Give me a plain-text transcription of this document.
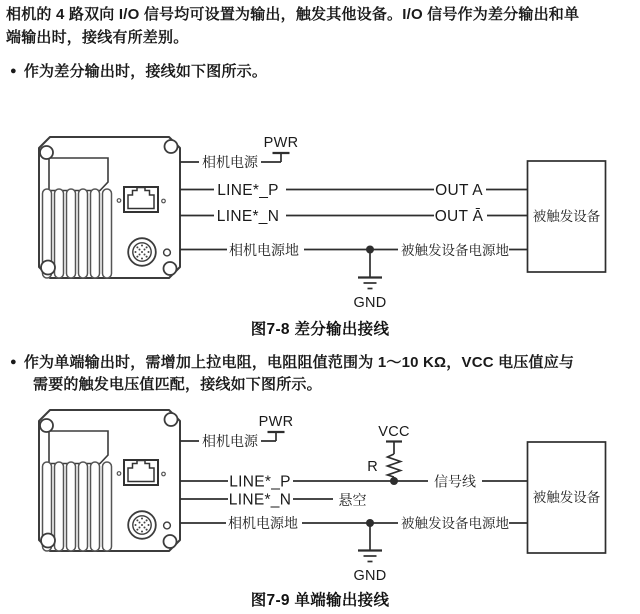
相机的 4 路双向 I/O 信号均可设置为输出，触发其他设备。I/O 信号作为差分输出和单
端输出时，接线有所差别。

● 作为差分输出时，接线如下图所示。
PWR
相机电源
LINE*_P
LINE*_N
相机电源地
OUT A
OUT Ā
被触发设备电源地
GND
被触发设备
图7-8 差分输出接线
● 作为单端输出时，需增加上拉电阻，电阻阻值范围为 1～10 KΩ，VCC 电压值应与
需要的触发电压值匹配，接线如下图所示。
PWR
相机电源
VCC
R
LINE*_P
LINE*_N
信号线
悬空
相机电源地	被触发设备电源地
GND
被触发设备
图7-9 单端输出接线
